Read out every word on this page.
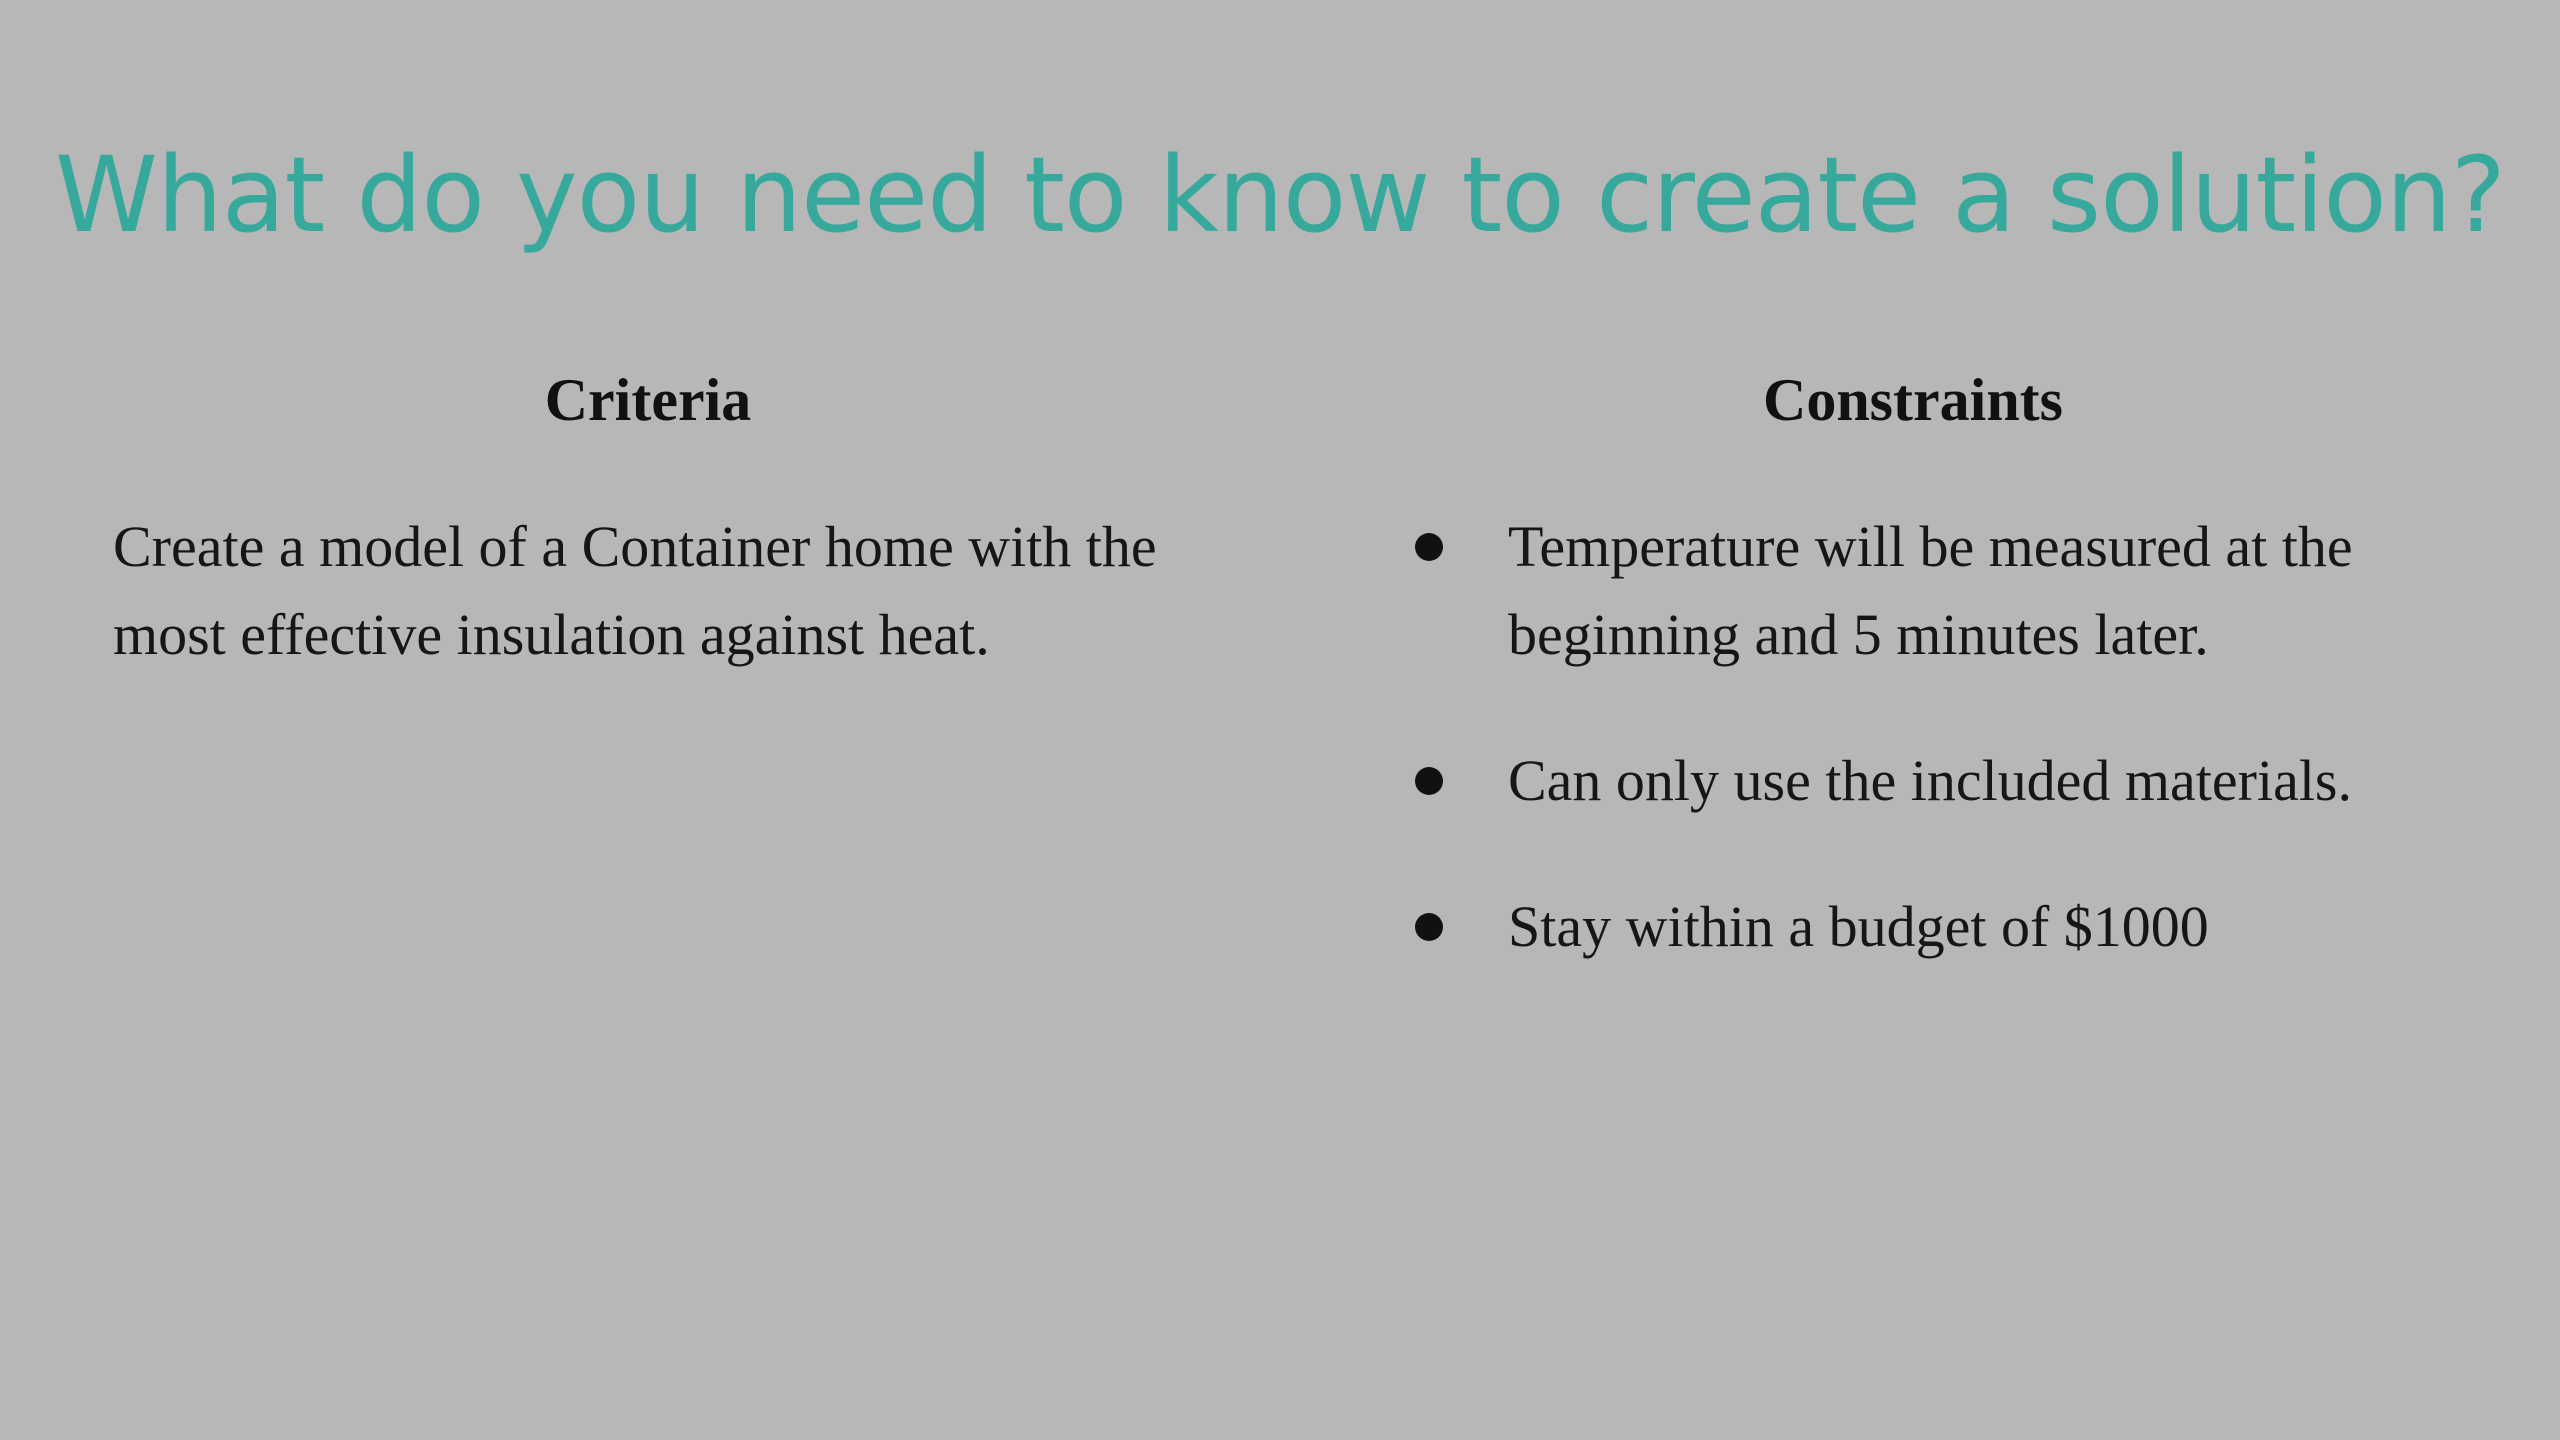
What do you need to know to create a solution?
Criteria	Constraints
Create a model of a Container home with the most effective insulation against heat.
Temperature will be measured at the beginning and 5 minutes later.
Can only use the included materials.
Stay within a budget of $1000
